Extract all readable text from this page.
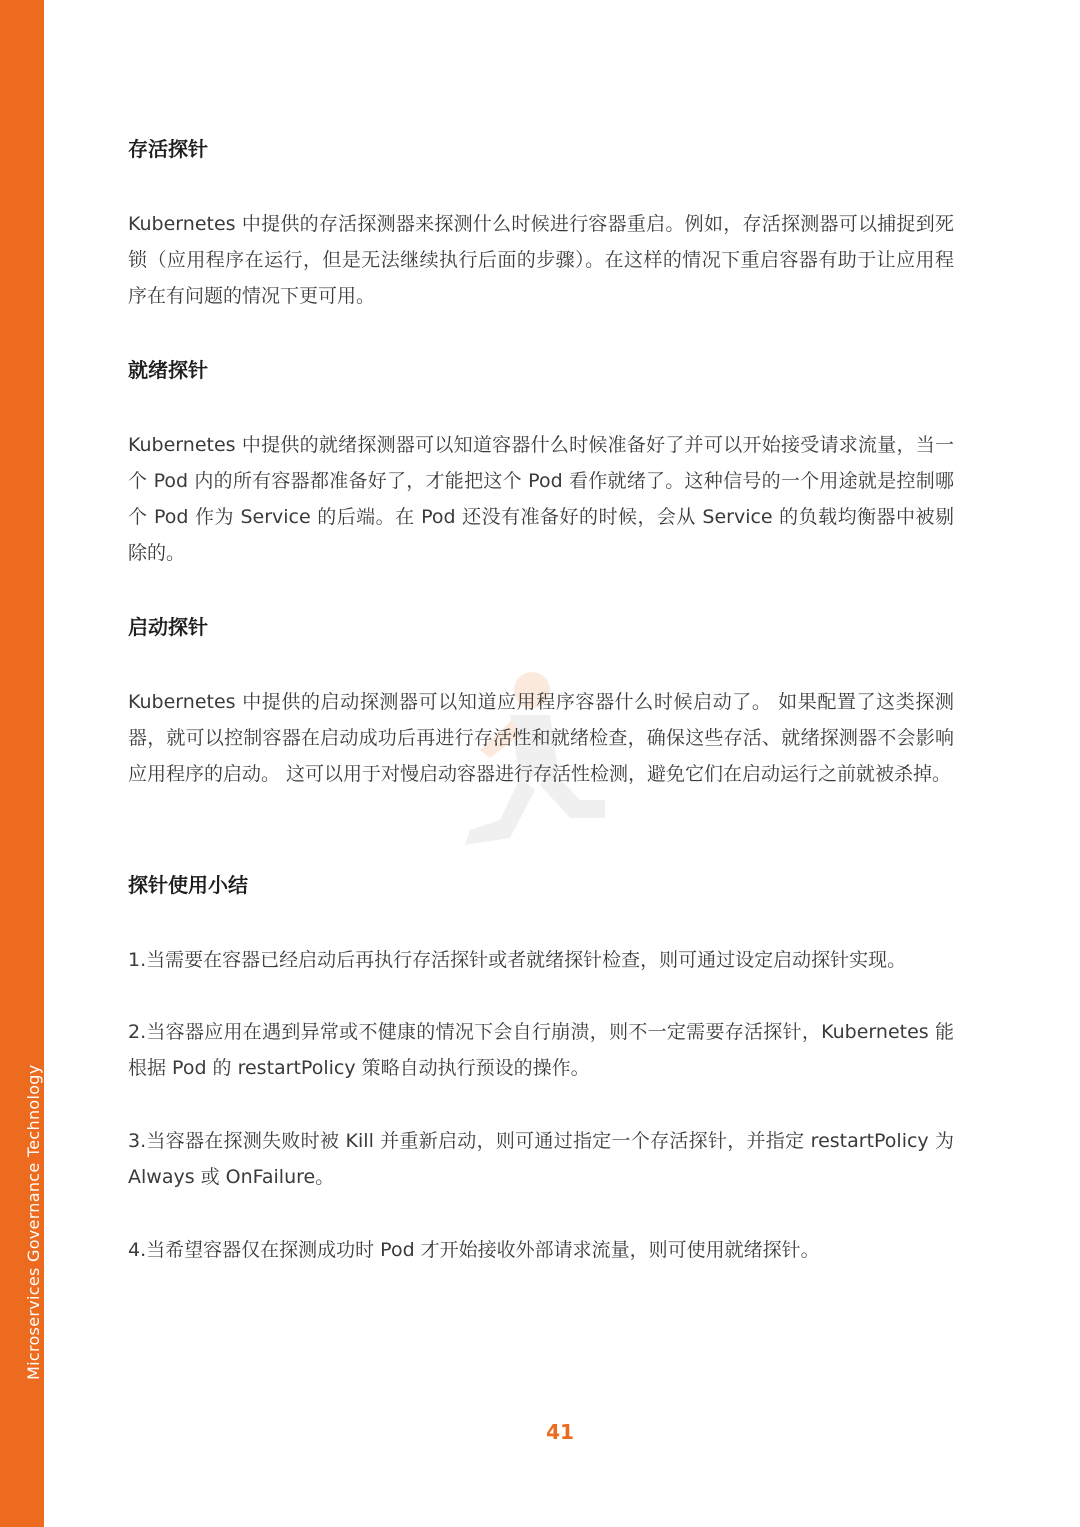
Microservices Governance Technology
存活探针

Kubernetes 中提供的存活探测器来探测什么时候进行容器重启。例如，存活探测器可以捕捉到死锁（应用程序在运行，但是无法继续执行后面的步骤）。在这样的情况下重启容器有助于让应用程序在有问题的情况下更可用。

就绪探针

Kubernetes 中提供的就绪探测器可以知道容器什么时候准备好了并可以开始接受请求流量，当一个 Pod 内的所有容器都准备好了，才能把这个 Pod 看作就绪了。这种信号的一个用途就是控制哪个 Pod 作为 Service 的后端。在 Pod 还没有准备好的时候，会从 Service 的负载均衡器中被剔除的。

启动探针

Kubernetes 中提供的启动探测器可以知道应用程序容器什么时候启动了。 如果配置了这类探测器，就可以控制容器在启动成功后再进行存活性和就绪检查，确保这些存活、就绪探测器不会影响应用程序的启动。 这可以用于对慢启动容器进行存活性检测，避免它们在启动运行之前就被杀掉。

探针使用小结

1.当需要在容器已经启动后再执行存活探针或者就绪探针检查，则可通过设定启动探针实现。

2.当容器应用在遇到异常或不健康的情况下会自行崩溃，则不一定需要存活探针，Kubernetes 能根据 Pod 的 restartPolicy 策略自动执行预设的操作。

3.当容器在探测失败时被 Kill 并重新启动，则可通过指定一个存活探针，并指定 restartPolicy 为 Always 或 OnFailure。

4.当希望容器仅在探测成功时 Pod 才开始接收外部请求流量，则可使用就绪探针。

41
